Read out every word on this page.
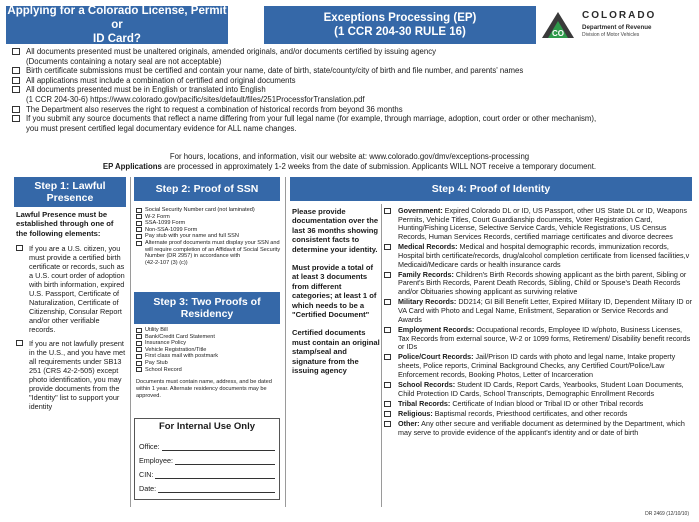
Applying for a Colorado License, Permit or
ID Card?
Exceptions Processing (EP)
(1 CCR 204-30 RULE 16)	CO
COLORADO
Department of Revenue
Division of Motor Vehicles
All documents presented must be unaltered originals, amended originals, and/or documents certified by issuing agency
(Documents containing a notary seal are not acceptable)
Birth certificate submissions must be certified and contain your name, date of birth, state/county/city of birth and file number, and parents' names
All applications must include a combination of certified and original documents
All documents presented must be in English or translated into English
(1 CCR 204-30-6) https://www.colorado.gov/pacific/sites/default/files/251ProcessforTranslation.pdf
The Department also reserves the right to request a combination of historical records from beyond 36 months
If you submit any source documents that reflect a name differing from your full legal name (for example, through marriage, adoption, court order or other mechanism),
you must present certified legal documentary evidence for ALL name changes.
For hours, locations, and information, visit our website at: www.colorado.gov/dmv/exceptions-processing
EP Applications are processed in approximately 1-2 weeks from the date of submission. Applicants WILL NOT receive a temporary document.
Step 1: Lawful
Presence
Step 2: Proof of SSN
Step 3: Two Proofs of
Residency
Step 4: Proof of Identity
Lawful Presence must be established through one of the following elements:
If you are a U.S. citizen, you must provide a certified birth certificate or records, such as a U.S. court order of adoption with birth information, expired U.S. Passport, Certificate of Naturalization, Certificate of Citizenship, Consular Report and/or other verifiable records.
If you are not lawfully present in the U.S., and you have met all requirements under SB13 251 (CRS 42-2-505) except photo identification, you may provide documents from the "Identity" list to support your identity
Social Security Number card (not laminated)
W-2 Form
SSA-1099 Form
Non-SSA-1099 Form
Pay stub with your name and full SSN
Alternate proof documents must display your SSN and will require completion of an Affidavit of Social Security Number (DR 2957) in accordance with
(42-2-107 (3) (c))
Utility Bill
Bank/Credit Card Statement
Insurance Policy
Vehicle Registration/Title
First class mail with postmark
Pay Stub
School Record
Documents must contain name, address, and be dated within 1 year. Alternate residency documents may be approved.
For Internal Use Only
Office:
Employee:
CIN:
Date:

Please provide documentation over the last 36 months showing consistent facts to determine your identity.

Must provide a total of at least 3 documents from different categories; at least 1 of which needs to be a "Certified Document"

Certified documents must contain an original stamp/seal and signature from the issuing agency

Government: Expired Colorado DL or ID, US Passport, other US State DL or ID, Weapons Permits, Vehicle Titles, Court Guardianship documents, Voter Registration Card, Hunting/Fishing License, Selective Service Cards, Vehicle Registrations, US Census Records, Human Services Records, certified marriage certificates and divorce decrees
Medical Records: Medical and hospital demographic records, immunization records, Hospital birth certificate/records, drug/alcohol completion certificate from licensed facilities,v Medicaid/Medicare cards or health insurance cards
Family Records: Children's Birth Records showing applicant as the birth parent, Sibling or Parent's Birth Records, Parent Death Records, Sibling, Child or Spouse's Death Records and/or Obituaries showing applicant as surviving relative
Military Records: DD214; GI Bill Benefit Letter, Expired Military ID, Dependent Military ID or VA Card with Photo and Legal Name, Enlistment, Separation or Service Records and Awards
Employment Records: Occupational records, Employee ID w/photo, Business Licenses, Tax Records from external source, W-2 or 1099 forms, Retirement/ Disability benefit records or IDs
Police/Court Records: Jail/Prison ID cards with photo and legal name, Intake property sheets, Police reports, Criminal Background Checks, any Certified Court/Police/Law Enforcement records, Booking Photos, Letter of Incarceration
School Records: Student ID Cards, Report Cards, Yearbooks, Student Loan Documents, Child Protection ID Cards, School Transcripts, Demographic Enrollment Records
Tribal Records: Certificate of Indian blood or Tribal ID or other Tribal records
Religious: Baptismal records, Priesthood certificates, and other records
Other: Any other secure and verifiable document as determined by the Department, which may serve to provide evidence of the applicant's identity and or date of birth
DR 2469 (12/10/10)
